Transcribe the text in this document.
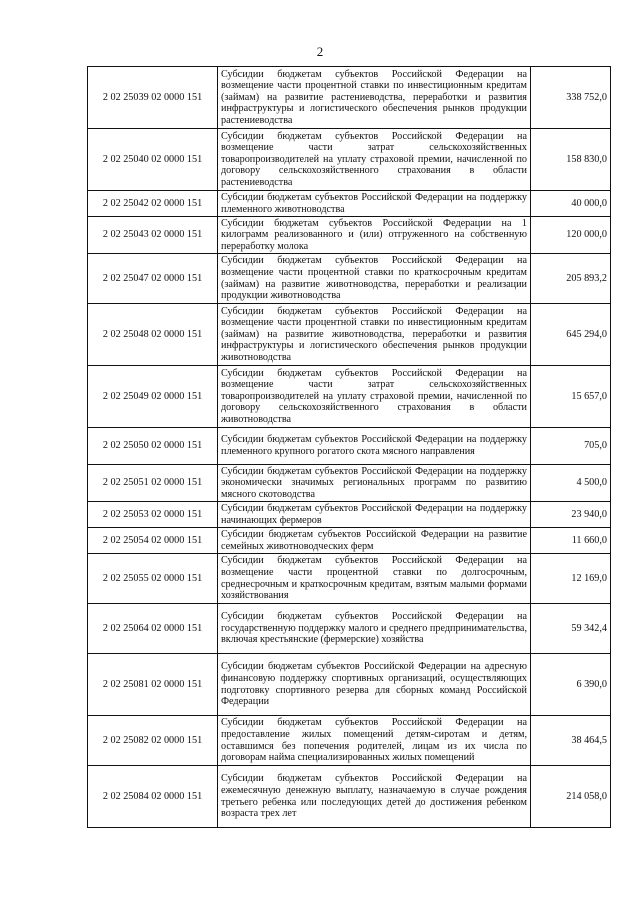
2
2 02 25039 02 0000 151	Субсидии бюджетам субъектов Российской Федерации на возмещение части процентной ставки по инвестиционным кредитам (займам) на развитие растениеводства, переработки и развития инфраструктуры и логистического обеспечения рынков продукции растениеводства	338 752,0
2 02 25040 02 0000 151	Субсидии бюджетам субъектов Российской Федерации на возмещение части затрат сельскохозяйственных товаропроизводителей на уплату страховой премии, начисленной по договору сельскохозяйственного страхования в области растениеводства	158 830,0
2 02 25042 02 0000 151	Субсидии бюджетам субъектов Российской Федерации на поддержку племенного животноводства	40 000,0
2 02 25043 02 0000 151	Субсидии бюджетам субъектов Российской Федерации на 1 килограмм реализованного и (или) отгруженного на собственную переработку молока	120 000,0
2 02 25047 02 0000 151	Субсидии бюджетам субъектов Российской Федерации на возмещение части процентной ставки по краткосрочным кредитам (займам) на развитие животноводства, переработки и реализации продукции животноводства	205 893,2
2 02 25048 02 0000 151	Субсидии бюджетам субъектов Российской Федерации на возмещение части процентной ставки по инвестиционным кредитам (займам) на развитие животноводства, переработки и развития инфраструктуры и логистического обеспечения рынков продукции животноводства	645 294,0
2 02 25049 02 0000 151	Субсидии бюджетам субъектов Российской Федерации на возмещение части затрат сельскохозяйственных товаропроизводителей на уплату страховой премии, начисленной по договору сельскохозяйственного страхования в области животноводства	15 657,0
2 02 25050 02 0000 151	Субсидии бюджетам субъектов Российской Федерации на поддержку племенного крупного рогатого скота мясного направления	705,0
2 02 25051 02 0000 151	Субсидии бюджетам субъектов Российской Федерации на поддержку экономически значимых региональных программ по развитию мясного скотоводства	4 500,0
2 02 25053 02 0000 151	Субсидии бюджетам субъектов Российской Федерации на поддержку начинающих фермеров	23 940,0
2 02 25054 02 0000 151	Субсидии бюджетам субъектов Российской Федерации на развитие семейных животноводческих ферм	11 660,0
2 02 25055 02 0000 151	Субсидии бюджетам субъектов Российской Федерации на возмещение части процентной ставки по долгосрочным, среднесрочным и краткосрочным кредитам, взятым малыми формами хозяйствования	12 169,0
2 02 25064 02 0000 151	Субсидии бюджетам субъектов Российской Федерации на государственную поддержку малого и среднего предпринимательства, включая крестьянские (фермерские) хозяйства	59 342,4
2 02 25081 02 0000 151	Субсидии бюджетам субъектов Российской Федерации на адресную финансовую поддержку спортивных организаций, осуществляющих подготовку спортивного резерва для сборных команд Российской Федерации	6 390,0
2 02 25082 02 0000 151	Субсидии бюджетам субъектов Российской Федерации на предоставление жилых помещений детям-сиротам и детям, оставшимся без попечения родителей, лицам из их числа по договорам найма специализированных жилых помещений	38 464,5
2 02 25084 02 0000 151	Субсидии бюджетам субъектов Российской Федерации на ежемесячную денежную выплату, назначаемую в случае рождения третьего ребенка или последующих детей до достижения ребенком возраста трех лет	214 058,0
